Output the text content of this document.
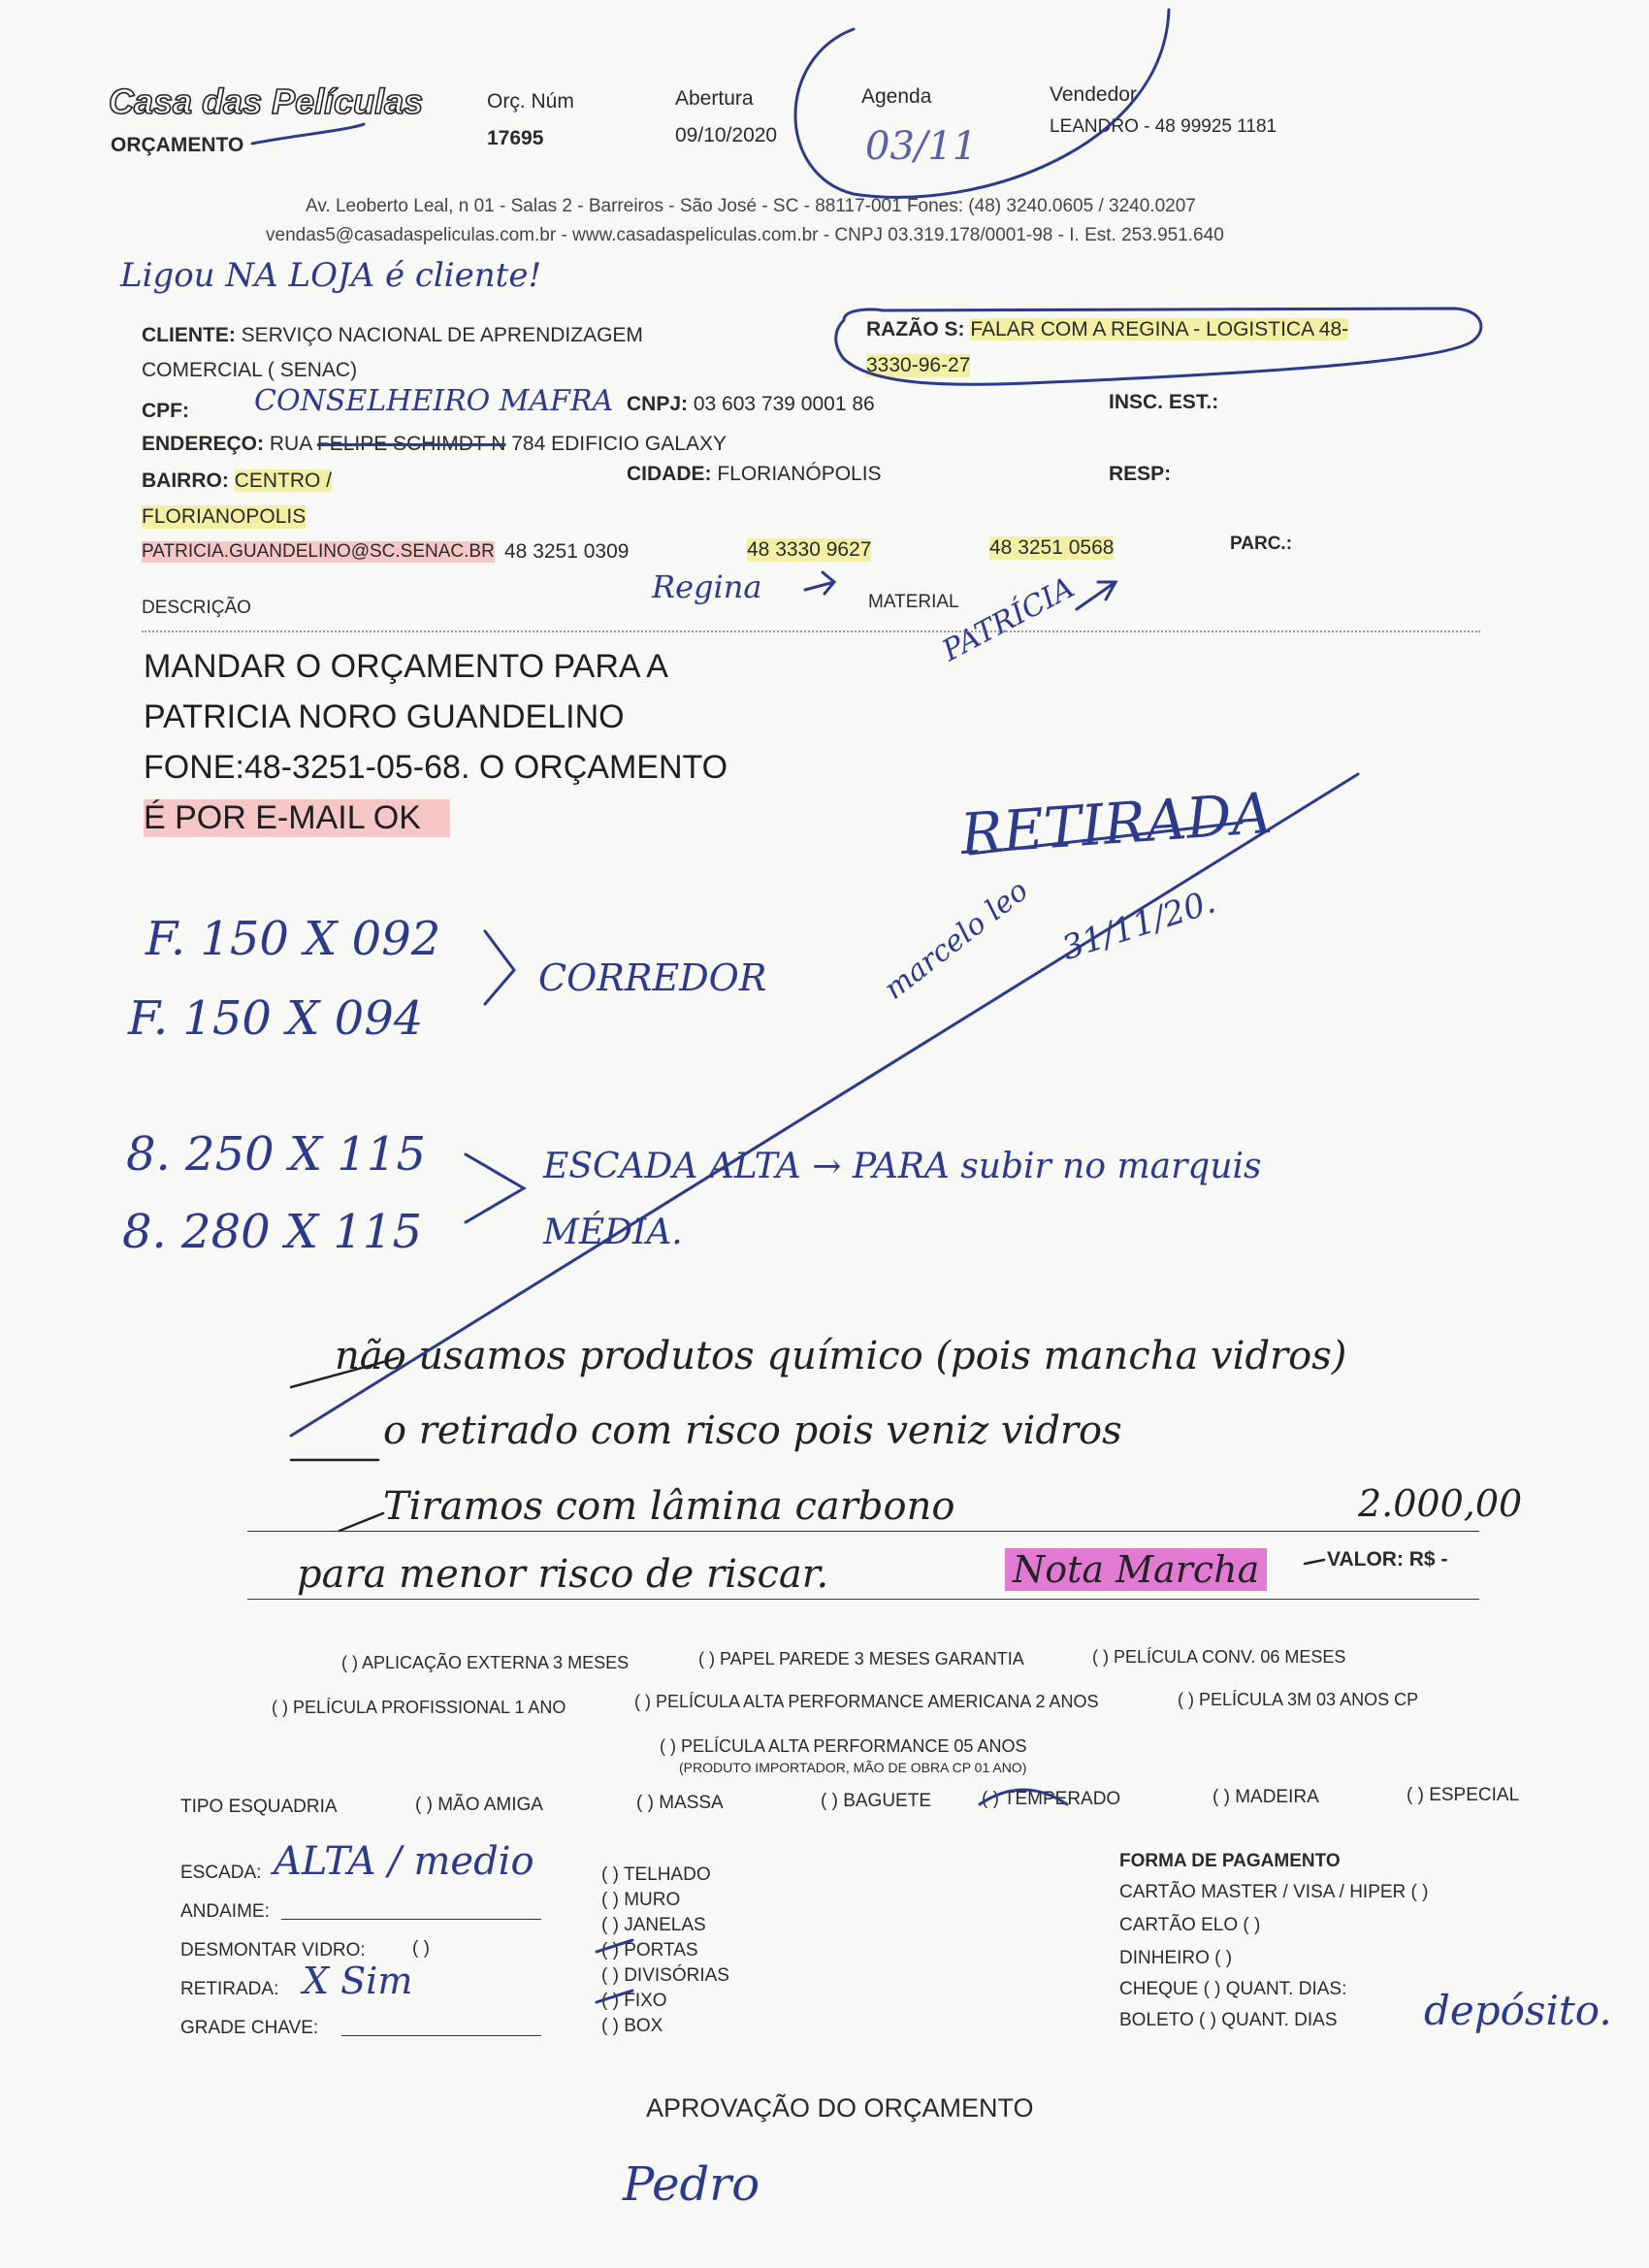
Casa das Películas
ORÇAMENTO
Orç. Núm
17695
Abertura
09/10/2020
Agenda
03/11
Vendedor
LEANDRO - 48 99925 1181
Av. Leoberto Leal, n 01 - Salas 2 - Barreiros - São José - SC - 88117-001 Fones: (48) 3240.0605 / 3240.0207
vendas5@casadaspeliculas.com.br - www.casadaspeliculas.com.br - CNPJ 03.319.178/0001-98 - I. Est. 253.951.640
Ligou NA LOJA é cliente!
CLIENTE: SERVIÇO NACIONAL DE APRENDIZAGEM
COMERCIAL ( SENAC)
RAZÃO S: FALAR COM A REGINA - LOGISTICA 48-
3330-96-27
CPF: CONSELHEIRO MAFRA CNPJ: 03 603 739 0001 86	INSC. EST.:
ENDEREÇO: RUA FELIPE SCHIMDT N 784 EDIFICIO GALAXY
BAIRRO: CENTRO /
FLORIANOPOLIS
CIDADE: FLORIANÓPOLIS	RESP:
PATRICIA.GUANDELINO@SC.SENAC.BR 48 3251 0309	48 3330 9627	48 3251 0568	PARC.:
Regina	PATRÍCIA
DESCRIÇÃO	MATERIAL
MANDAR O ORÇAMENTO PARA A
PATRICIA NORO GUANDELINO
FONE:48-3251-05-68. O ORÇAMENTO
É POR E-MAIL OK	RETIRADA
F. 150 X 092
F. 150 X 094
CORREDOR	marcelo leo 31/11/20.
8. 250 X 115
8. 280 X 115
ESCADA ALTA → PARA subir no marquis
MÉDIA.
não usamos produtos químico (pois mancha vidros)
o retirado com risco pois veniz vidros
Tiramos com lâmina carbono	2.000,00
para menor risco de riscar.	Nota Marcha	VALOR: R$ -
( ) APLICAÇÃO EXTERNA 3 MESES	( ) PAPEL PAREDE 3 MESES GARANTIA	( ) PELÍCULA CONV. 06 MESES
( ) PELÍCULA PROFISSIONAL 1 ANO	( ) PELÍCULA ALTA PERFORMANCE AMERICANA 2 ANOS	( ) PELÍCULA 3M 03 ANOS CP
( ) PELÍCULA ALTA PERFORMANCE 05 ANOS
(PRODUTO IMPORTADOR, MÃO DE OBRA CP 01 ANO)
TIPO ESQUADRIA	( ) MÃO AMIGA	( ) MASSA	( ) BAGUETE	( ) TEMPERADO	( ) MADEIRA	( ) ESPECIAL
ESCADA: ALTA / medio
ANDAIME:
DESMONTAR VIDRO:	( )
RETIRADA: X Sim
GRADE CHAVE:
( ) TELHADO
( ) MURO
( ) JANELAS
( ) PORTAS
( ) DIVISÓRIAS
( ) FIXO
( ) BOX
FORMA DE PAGAMENTO
CARTÃO MASTER / VISA / HIPER ( )
CARTÃO ELO ( )
DINHEIRO ( )
CHEQUE ( ) QUANT. DIAS:
BOLETO ( ) QUANT. DIAS depósito.
APROVAÇÃO DO ORÇAMENTO
Pedro
